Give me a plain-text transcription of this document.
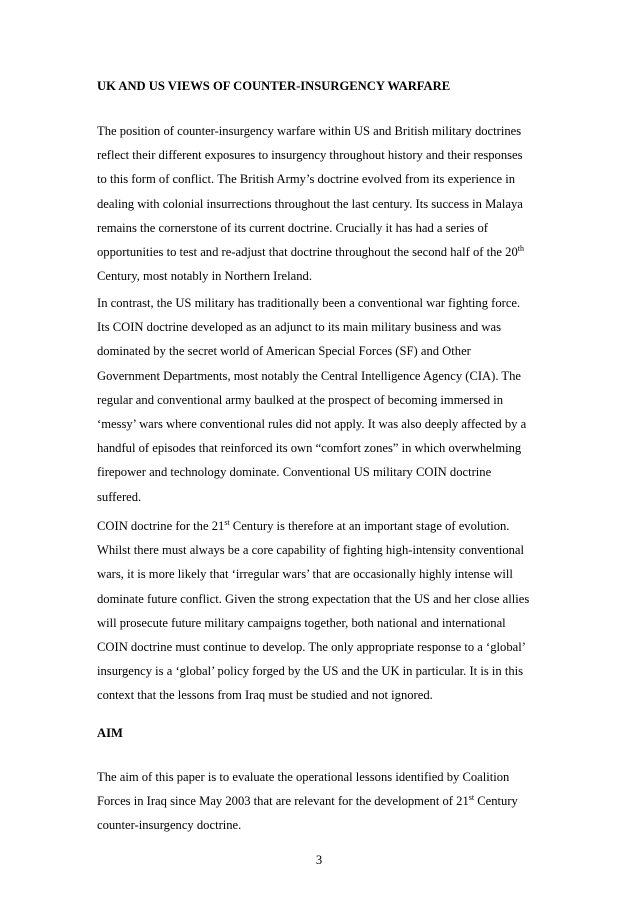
UK AND US VIEWS OF COUNTER-INSURGENCY WARFARE
The position of counter-insurgency warfare within US and British military doctrines
reflect their different exposures to insurgency throughout history and their responses
to this form of conflict. The British Army’s doctrine evolved from its experience in
dealing with colonial insurrections throughout the last century. Its success in Malaya
remains the cornerstone of its current doctrine. Crucially it has had a series of
opportunities to test and re-adjust that doctrine throughout the second half of the 20th
Century, most notably in Northern Ireland.
In contrast, the US military has traditionally been a conventional war fighting force.
Its COIN doctrine developed as an adjunct to its main military business and was
dominated by the secret world of American Special Forces (SF) and Other
Government Departments, most notably the Central Intelligence Agency (CIA). The
regular and conventional army baulked at the prospect of becoming immersed in
‘messy’ wars where conventional rules did not apply. It was also deeply affected by a
handful of episodes that reinforced its own “comfort zones” in which overwhelming
firepower and technology dominate. Conventional US military COIN doctrine
suffered.
COIN doctrine for the 21st Century is therefore at an important stage of evolution.
Whilst there must always be a core capability of fighting high-intensity conventional
wars, it is more likely that ‘irregular wars’ that are occasionally highly intense will
dominate future conflict. Given the strong expectation that the US and her close allies
will prosecute future military campaigns together, both national and international
COIN doctrine must continue to develop. The only appropriate response to a ‘global’
insurgency is a ‘global’ policy forged by the US and the UK in particular. It is in this
context that the lessons from Iraq must be studied and not ignored.
AIM
The aim of this paper is to evaluate the operational lessons identified by Coalition
Forces in Iraq since May 2003 that are relevant for the development of 21st Century
counter-insurgency doctrine.
3
